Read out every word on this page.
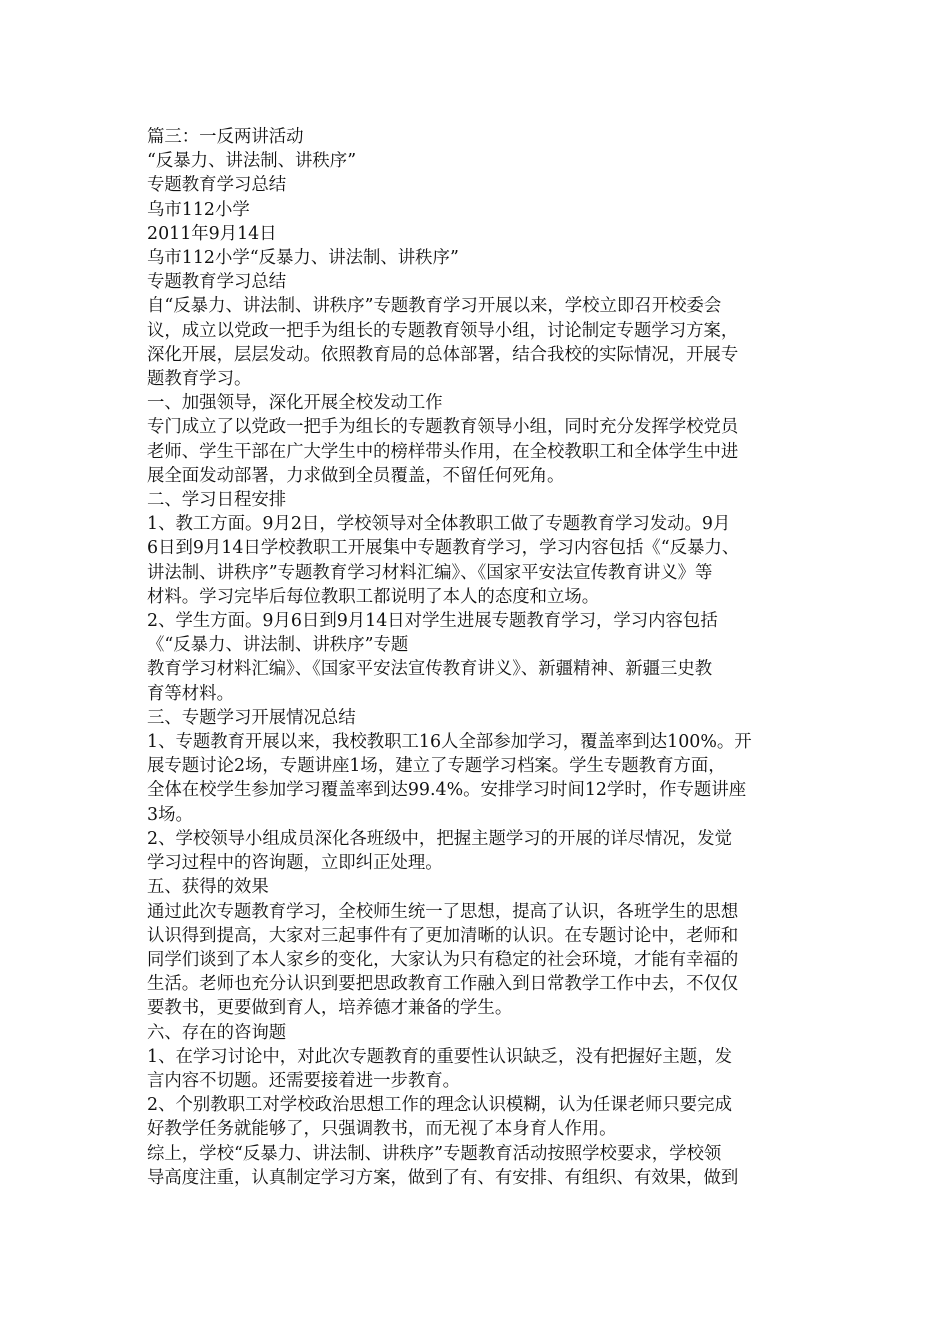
篇三：一反两讲活动

“反暴力、讲法制、讲秩序”

专题教育学习总结

乌市112小学

2011年9月14日

乌市112小学“反暴力、讲法制、讲秩序”

专题教育学习总结

自“反暴力、讲法制、讲秩序”专题教育学习开展以来，学校立即召开校委会

议，成立以党政一把手为组长的专题教育领导小组，讨论制定专题学习方案，

深化开展，层层发动。依照教育局的总体部署，结合我校的实际情况，开展专

题教育学习。

一、加强领导，深化开展全校发动工作

专门成立了以党政一把手为组长的专题教育领导小组，同时充分发挥学校党员

老师、学生干部在广大学生中的榜样带头作用，在全校教职工和全体学生中进

展全面发动部署，力求做到全员覆盖，不留任何死角。

二、学习日程安排

1、教工方面。9月2日，学校领导对全体教职工做了专题教育学习发动。9月

6日到9月14日学校教职工开展集中专题教育学习，学习内容包括《“反暴力、

讲法制、讲秩序”专题教育学习材料汇编》、《国家平安法宣传教育讲义》等

材料。学习完毕后每位教职工都说明了本人的态度和立场。

2、学生方面。9月6日到9月14日对学生进展专题教育学习，学习内容包括

《“反暴力、讲法制、讲秩序”专题

教育学习材料汇编》、《国家平安法宣传教育讲义》、新疆精神、新疆三史教

育等材料。

三、专题学习开展情况总结

1、专题教育开展以来，我校教职工16人全部参加学习，覆盖率到达100%。开

展专题讨论2场，专题讲座1场，建立了专题学习档案。学生专题教育方面，

全体在校学生参加学习覆盖率到达99.4%。安排学习时间12学时，作专题讲座

3场。

2、学校领导小组成员深化各班级中，把握主题学习的开展的详尽情况，发觉

学习过程中的咨询题，立即纠正处理。

五、获得的效果

通过此次专题教育学习，全校师生统一了思想，提高了认识，各班学生的思想

认识得到提高，大家对三起事件有了更加清晰的认识。在专题讨论中，老师和

同学们谈到了本人家乡的变化，大家认为只有稳定的社会环境，才能有幸福的

生活。老师也充分认识到要把思政教育工作融入到日常教学工作中去，不仅仅

要教书，更要做到育人，培养德才兼备的学生。

六、存在的咨询题

1、在学习讨论中，对此次专题教育的重要性认识缺乏，没有把握好主题，发

言内容不切题。还需要接着进一步教育。

2、个别教职工对学校政治思想工作的理念认识模糊，认为任课老师只要完成

好教学任务就能够了，只强调教书，而无视了本身育人作用。

综上，学校“反暴力、讲法制、讲秩序”专题教育活动按照学校要求，学校领

导高度注重，认真制定学习方案，做到了有、有安排、有组织、有效果，做到
